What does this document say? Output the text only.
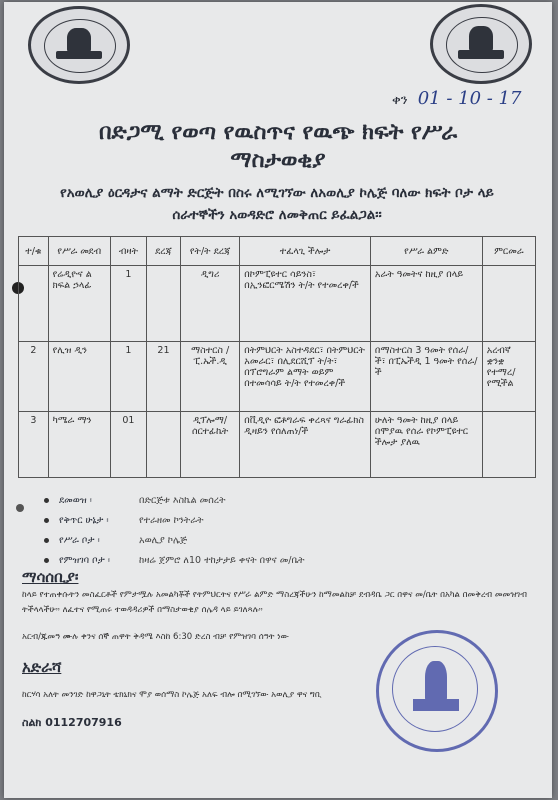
ቀን 01 - 10 - 17
በድጋሚ የወጣ የዉስጥና የዉጭ ክፍት የሥራ
ማስታወቂያ
የአወሊያ ዕርዳታና ልማት ድርጅት በስሩ ለሚገኘው ለአወሊያ ኮሌጅ ባለው ክፍት ቦታ ላይ
ሰራተኞችን አወዳድሮ ለመቅጠር ይፈልጋል፡፡
ተ/ቁ	የሥራ መደብ	ብዛት	ደረጃ	የት/ት ደረጃ	ተፈላጊ ችሎታ	የሥራ ልምድ	ምርመራ
	የሬዲዮና ል ክፍል ኃላፊ	1		ዲግሪ	በኮምፒዩተር ሳይንስ፣ በኢንፎርሜሽን ት/ት የተመረቀ/ች	አራት ዓመትና ከዚያ በላይ	
2	የሊዝ ዲን	1	21	ማስተርስ /ፒ.ኤች.ዲ	በትምህርት አስተዳደር፣ በትምህርት አመራር፣ በሊደርሺፕ ት/ት፣ በፕሮግራም ልማት ወይም በተመሳሳይ ት/ት የተመረቀ/ች	በማስተርስ 3 ዓመት የሰራ/ች፣ በፒኤችዲ 1 ዓመት የሰራ/ች	አረብኛ ቋንቋ የተማረ/ የሚችል
3	ካሜራ ማን	01		ዲፕሎማ/ሰርተፊኬት	በቪዲዮ ፎቶግራፍ ቀረጻና ግራፊክስ ዲዛይን የሰለጠነ/ች	ሁለት ዓመት ከዚያ በላይ በሞያዉ የሰራ የኮምፒዩተር ችሎታ ያለዉ	
ደመወዝ ፡	በድርጅቱ እስኬል መሰረት
የቅጥር ሁኔታ ፡	የተራዘመ ኮንትራት
የሥራ ቦታ ፡	አወሊያ ኮሌጅ
የምዝገባ ቦታ ፡	ከዛሬ ጀምሮ ለ10 ተከታታይ ቀናት በዋና መ/ቤት
ማሳሰቢያ፡
ከላይ የተጠቀሱትን መስፈርቶች የምታሟሉ አመልካቾች የትምህርትና የሥራ ልምድ ማስረጃችሁን ከማመልከቻ ደብዳቤ ጋር በዋና መ/ቤት በአካል በመቅረብ መመዝገብ ትችላላችሁ። ለፈተና የሚጠሩ ተወዳዳሪዎች በማስታወቂያ ሰሌዳ ላይ ይገለጻሉ።
አርብ/ጁመዓ ሙሉ ቀንና ሰኞ ጠዋት ቅዳሜ እስከ 6:30 ድረስ ብቻ የምዝገባ ሰዓት ነው
አድራሻ
ከርሃሳ አለት መንገድ ከዋጋኒት ቴክኒክና ሞያ ወሰማስ ኮሌጅ አለፍ ብሎ በሚገኘው አወሊያ ዋና ግቢ
ስልክ 0112707916
